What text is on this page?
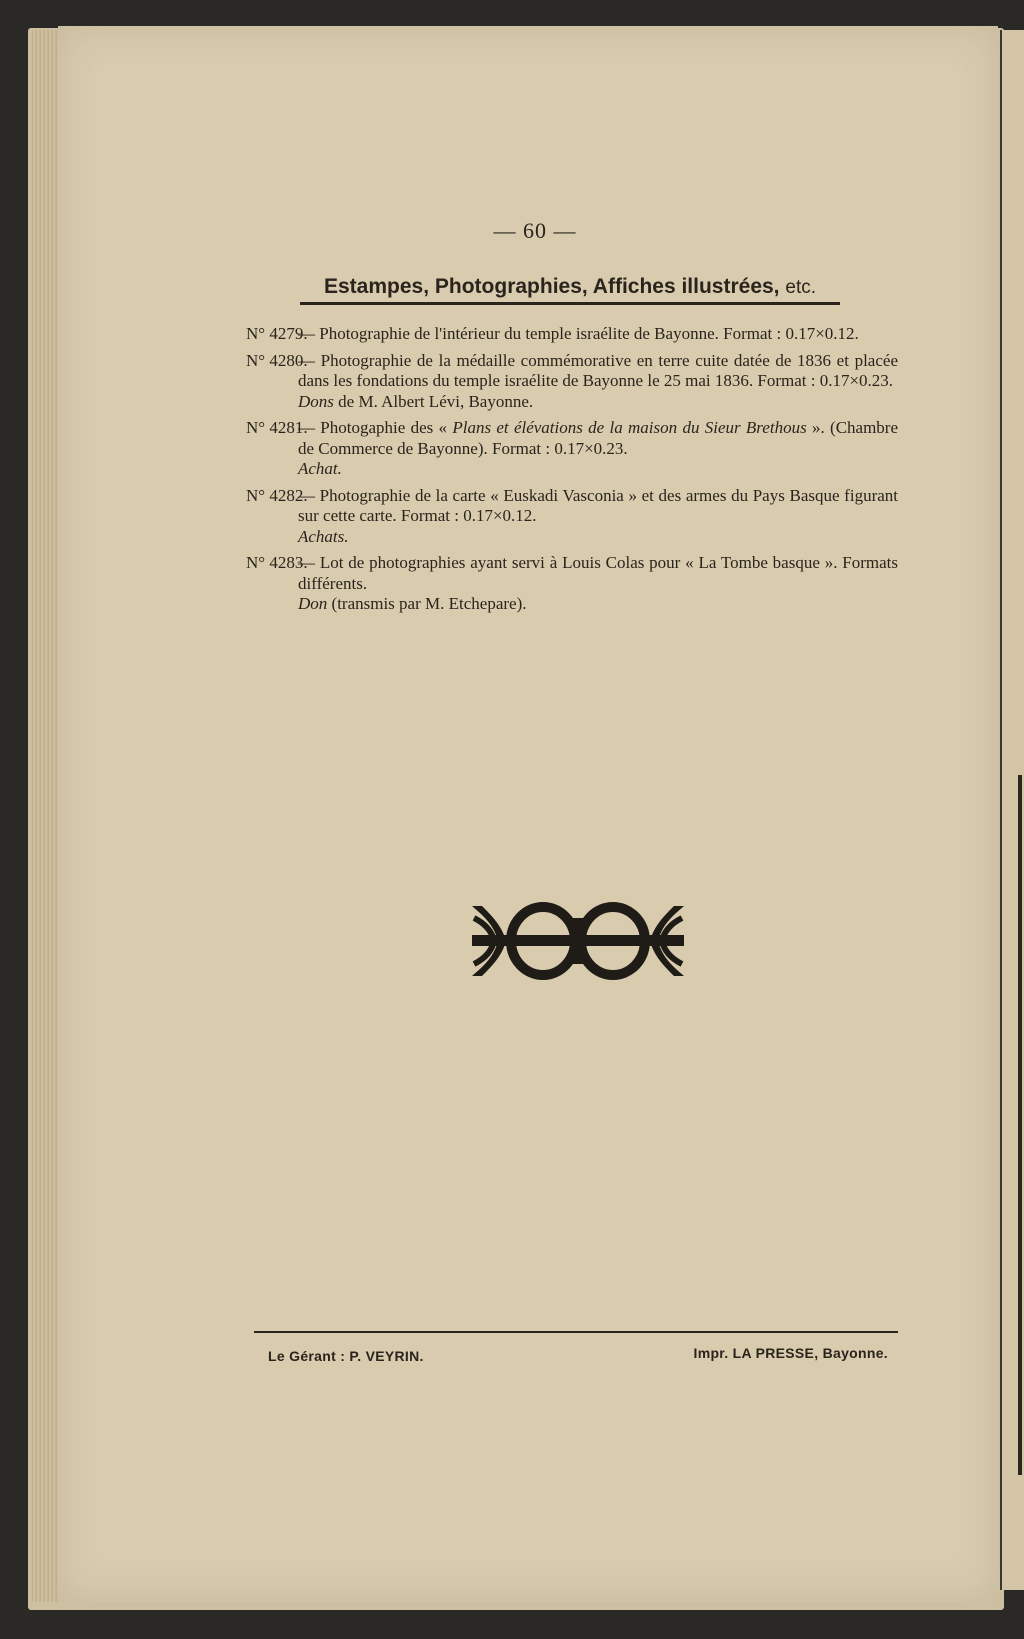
— 60 —
Estampes, Photographies, Affiches illustrées, etc.

N° 4279.
— Photographie de l'intérieur du temple israélite de Bayonne. Format : 0.17×0.12.

N° 4280.
— Photographie de la médaille commémorative en terre cuite datée de 1836 et placée dans les fondations du temple israélite de Bayonne le 25 mai 1836. Format : 0.17×0.23.

Dons de M. Albert Lévi, Bayonne.

N° 4281.
— Photogaphie des « Plans et élévations de la maison du Sieur Brethous ». (Chambre de Commerce de Bayonne). Format : 0.17×0.23.

Achat.

N° 4282.
— Photographie de la carte « Euskadi Vasconia » et des armes du Pays Basque figurant sur cette carte. Format : 0.17×0.12.

Achats.

N° 4283.
— Lot de photographies ayant servi à Louis Colas pour « La Tombe basque ». Formats différents.

Don (transmis par M. Etchepare).

Le Gérant : P. VEYRIN.	Impr. LA PRESSE, Bayonne.
